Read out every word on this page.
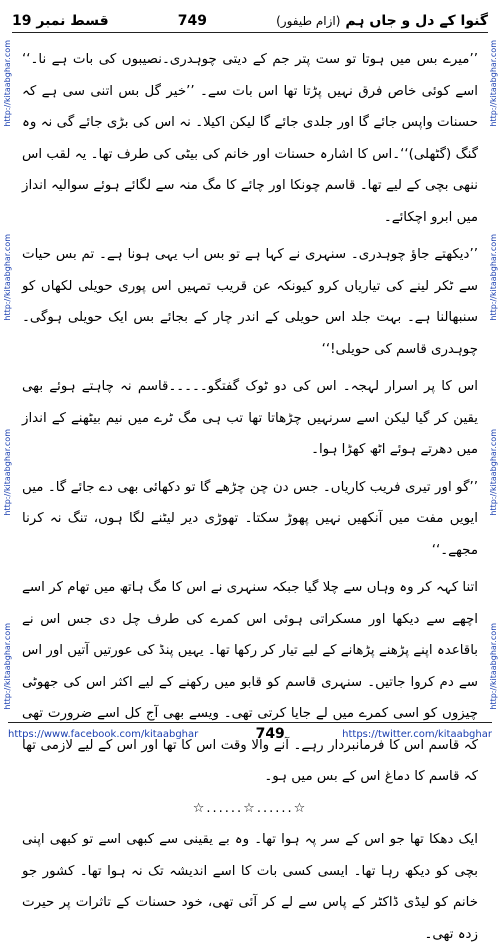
قسط نمبر 19	749	گنوا کے دل و جاں ہم (ازام طیفور)
http://kitaabghar.com
http://kitaabghar.com
http://kitaabghar.com
http://kitaabghar.com
http://kitaabghar.com
http://kitaabghar.com
http://kitaabghar.com
http://kitaabghar.com

’’میرے بس میں ہوتا تو ست پتر جم کے دیتی چوہدری۔نصیبوں کی بات ہے نا۔‘‘ اسے کوئی خاص فرق نہیں پڑتا تھا اس بات سے۔ ’’خیر گل بس اتنی سی ہے کہ حسنات واپس جائے گا اور جلدی جائے گا لیکن اکیلا۔ نہ اس کی بڑی جائے گی نہ وہ گنگ (گٹھلی)‘‘۔اس کا اشارہ حسنات اور خانم کی بیٹی کی طرف تھا۔ یہ لقب اس ننھی بچی کے لیے تھا۔ قاسم چونکا اور چائے کا مگ منہ سے لگائے ہوئے سوالیہ انداز میں ابرو اچکائے۔

’’دیکھتے جاؤ چوہدری۔ سنہری نے کہا ہے تو بس اب یہی ہونا ہے۔ تم بس حیات سے ٹکر لینے کی تیاریاں کرو کیونکہ عن قریب تمہیں اس پوری حویلی لکھاں کو سنبھالنا ہے۔ بہت جلد اس حویلی کے اندر چار کے بجائے بس ایک حویلی ہوگی۔ چوہدری قاسم کی حویلی!‘‘

اس کا پر اسرار لہجہ۔ اس کی دو ٹوک گفتگو۔۔۔۔۔قاسم نہ چاہتے ہوئے بھی یقین کر گیا لیکن اسے سرنہیں چڑھاتا تھا تب ہی مگ ٹرے میں نیم بیٹھنے کے انداز میں دھرتے ہوئے اٹھ کھڑا ہوا۔

’’گو اور تیری فریب کاریاں۔ جس دن چن چڑھے گا تو دکھائی بھی دے جائے گا۔ میں ایویں مفت میں آنکھیں نہیں پھوڑ سکتا۔ تھوڑی دیر لیٹنے لگا ہوں، تنگ نہ کرنا مجھے۔‘‘

اتنا کہہ کر وہ وہاں سے چلا گیا جبکہ سنہری نے اس کا مگ ہاتھ میں تھام کر اسے اچھے سے دیکھا اور مسکراتی ہوئی اس کمرے کی طرف چل دی جس اس نے باقاعدہ اپنے پڑھنے پڑھانے کے لیے تیار کر رکھا تھا۔ یہیں پنڈ کی عورتیں آتیں اور اس سے دم کروا جاتیں۔ سنہری قاسم کو قابو میں رکھنے کے لیے اکثر اس کی جھوٹی چیزوں کو اسی کمرے میں لے جایا کرتی تھی۔ ویسے بھی آج کل اسے ضرورت تھی کہ قاسم اس کا فرمانبردار رہے۔ آنے والا وقت اس کا تھا اور اس کے لیے لازمی تھا کہ قاسم کا دماغ اس کے بس میں ہو۔

☆......☆......☆

ایک دھکا تھا جو اس کے سر پہ ہوا تھا۔ وہ بے یقینی سے کبھی اسے تو کبھی اپنی بچی کو دیکھ رہا تھا۔ ایسی کسی بات کا اسے اندیشہ تک نہ ہوا تھا۔ کشور جو خانم کو لیڈی ڈاکٹر کے پاس سے لے کر آئی تھی، خود حسنات کے تاثرات پر حیرت زدہ تھی۔

https://www.facebook.com/kitaabghar	749	https://twitter.com/kitaabghar
